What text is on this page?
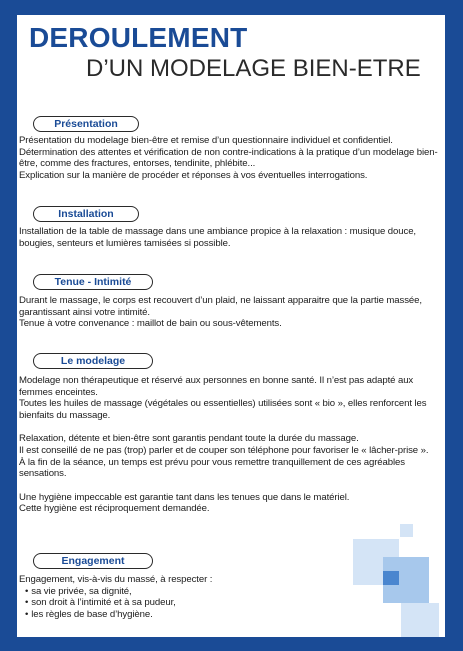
DEROULEMENT
D’UN MODELAGE BIEN-ETRE
Présentation

Présentation du modelage bien-être et remise d’un questionnaire individuel et confidentiel.

Détermination des attentes et vérification de non contre-indications à la pratique d’un modelage bien-être, comme des fractures, entorses, tendinite, phlébite...

Explication sur la manière de procéder et réponses à vos éventuelles interrogations.

Installation

Installation de la table de massage dans une ambiance propice à la relaxation : musique douce, bougies, senteurs et lumières tamisées si possible.

Tenue - Intimité

Durant le massage, le corps est recouvert d’un plaid, ne laissant apparaitre que la partie massée, garantissant ainsi votre intimité.

Tenue à votre convenance : maillot de bain ou sous-vêtements.

Le modelage

Modelage non thérapeutique et réservé aux personnes en bonne santé. Il n’est pas adapté aux femmes enceintes.

Toutes les huiles de massage (végétales ou essentielles) utilisées sont « bio », elles renforcent les bienfaits du massage.

Relaxation, détente et bien-être sont garantis pendant toute la durée du massage.

Il est conseillé de ne pas (trop) parler et de couper son téléphone pour favoriser le « lâcher-prise ».

À la fin de la séance, un temps est prévu pour vous remettre tranquillement de ces agréables sensations.

Une hygiène impeccable est garantie tant dans les tenues que dans le matériel.

Cette hygiène est réciproquement demandée.

Engagement

Engagement, vis-à-vis du massé, à respecter :

• sa vie privée, sa dignité,
• son droit à l’intimité et à sa pudeur,
• les règles de base d’hygiène.
